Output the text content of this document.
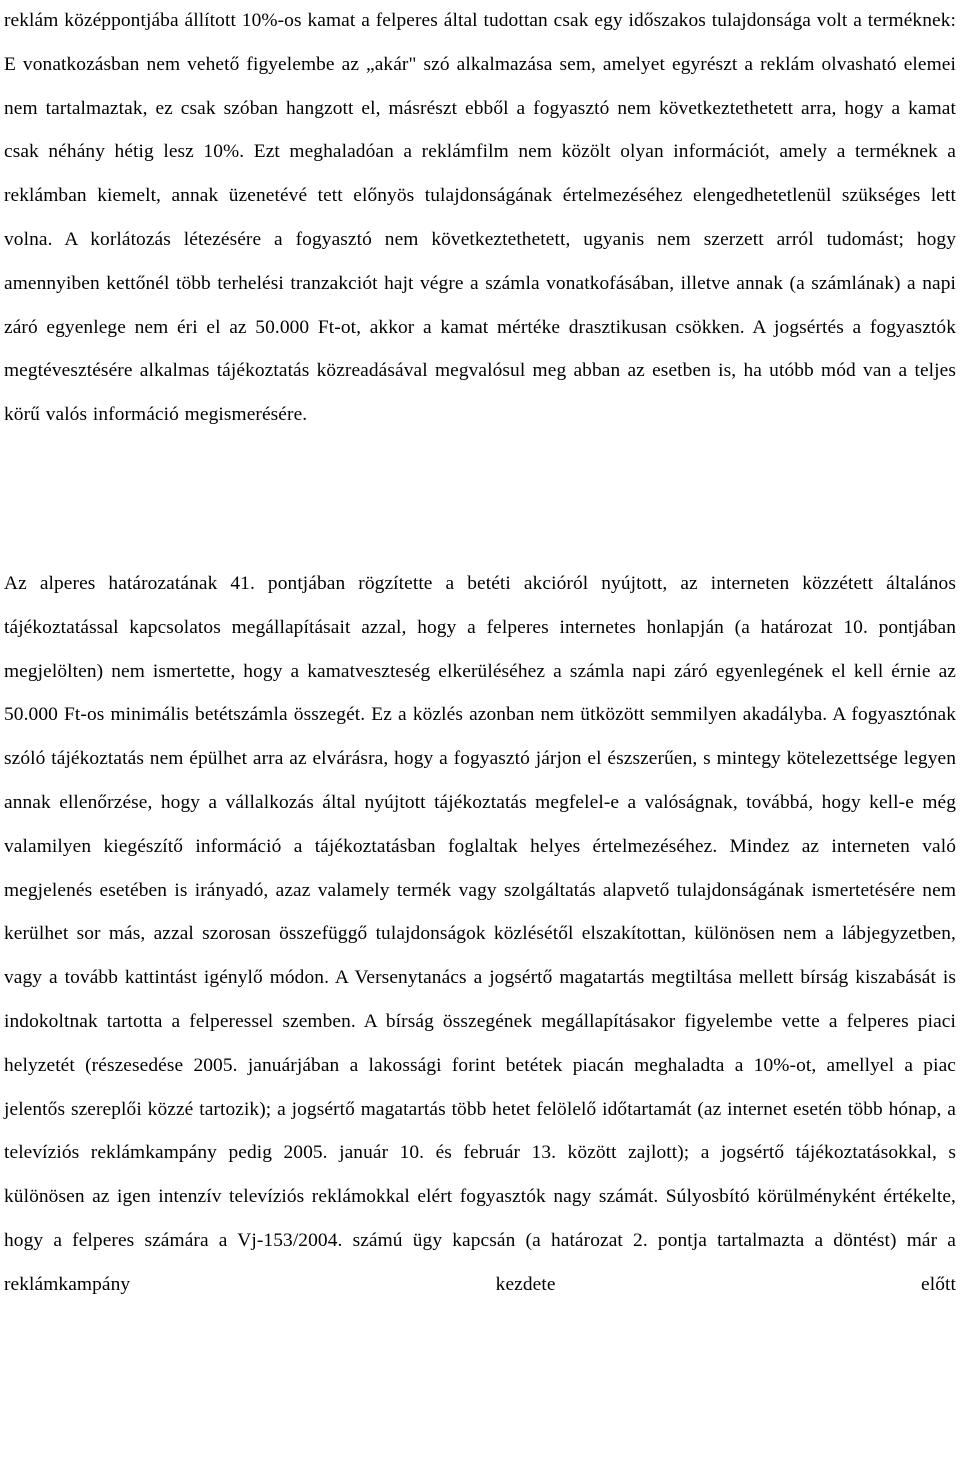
reklám középpontjába állított 10%-os kamat a felperes által tudottan csak egy időszakos tulajdonsága volt a terméknek: E vonatkozásban nem vehető figyelembe az „akár" szó alkalmazása sem, amelyet egyrészt a reklám olvasható elemei nem tartalmaztak, ez csak szóban hangzott el, másrészt ebből a fogyasztó nem következtethetett arra, hogy a kamat csak néhány hétig lesz 10%. Ezt meghaladóan a reklámfilm nem közölt olyan információt, amely a terméknek a reklámban kiemelt, annak üzenetévé tett előnyös tulajdonságának értelmezéséhez elengedhetetlenül szükséges lett volna. A korlátozás létezésére a fogyasztó nem következtethetett, ugyanis nem szerzett arról tudomást; hogy amennyiben kettőnél több terhelési tranzakciót hajt végre a számla vonatkofásában, illetve annak (a számlának) a napi záró egyenlege nem éri el az 50.000 Ft-ot, akkor a kamat mértéke drasztikusan csökken. A jogsértés a fogyasztók megtévesztésére alkalmas tájékoztatás közreadásával megvalósul meg abban az esetben is, ha utóbb mód van a teljes körű valós információ megismerésére.

Az alperes határozatának 41. pontjában rögzítette a betéti akcióról nyújtott, az interneten közzétett általános tájékoztatással kapcsolatos megállapításait azzal, hogy a felperes internetes honlapján (a határozat 10. pontjában megjelölten) nem ismertette, hogy a kamatveszteség elkerüléséhez a számla napi záró egyenlegének el kell érnie az 50.000 Ft-os minimális betétszámla összegét. Ez a közlés azonban nem ütközött semmilyen akadályba. A fogyasztónak szóló tájékoztatás nem épülhet arra az elvárásra, hogy a fogyasztó járjon el észszerűen, s mintegy kötelezettsége legyen annak ellenőrzése, hogy a vállalkozás által nyújtott tájékoztatás megfelel-e a valóságnak, továbbá, hogy kell-e még valamilyen kiegészítő információ a tájékoztatásban foglaltak helyes értelmezéséhez. Mindez az interneten való megjelenés esetében is irányadó, azaz valamely termék vagy szolgáltatás alapvető tulajdonságának ismertetésére nem kerülhet sor más, azzal szorosan összefüggő tulajdonságok közlésétől elszakítottan, különösen nem a lábjegyzetben, vagy a tovább kattintást igénylő módon. A Versenytanács a jogsértő magatartás megtiltása mellett bírság kiszabását is indokoltnak tartotta a felperessel szemben. A bírság összegének megállapításakor figyelembe vette a felperes piaci helyzetét (részesedése 2005. januárjában a lakossági forint betétek piacán meghaladta a 10%-ot, amellyel a piac jelentős szereplői közzé tartozik); a jogsértő magatartás több hetet felölelő időtartamát (az internet esetén több hónap, a televíziós reklámkampány pedig 2005. január 10. és február 13. között zajlott); a jogsértő tájékoztatásokkal, s különösen az igen intenzív televíziós reklámokkal elért fogyasztók nagy számát. Súlyosbító körülményként értékelte, hogy a felperes számára a Vj-153/2004. számú ügy kapcsán (a határozat 2. pontja tartalmazta a döntést) már a reklámkampány kezdete előtt
